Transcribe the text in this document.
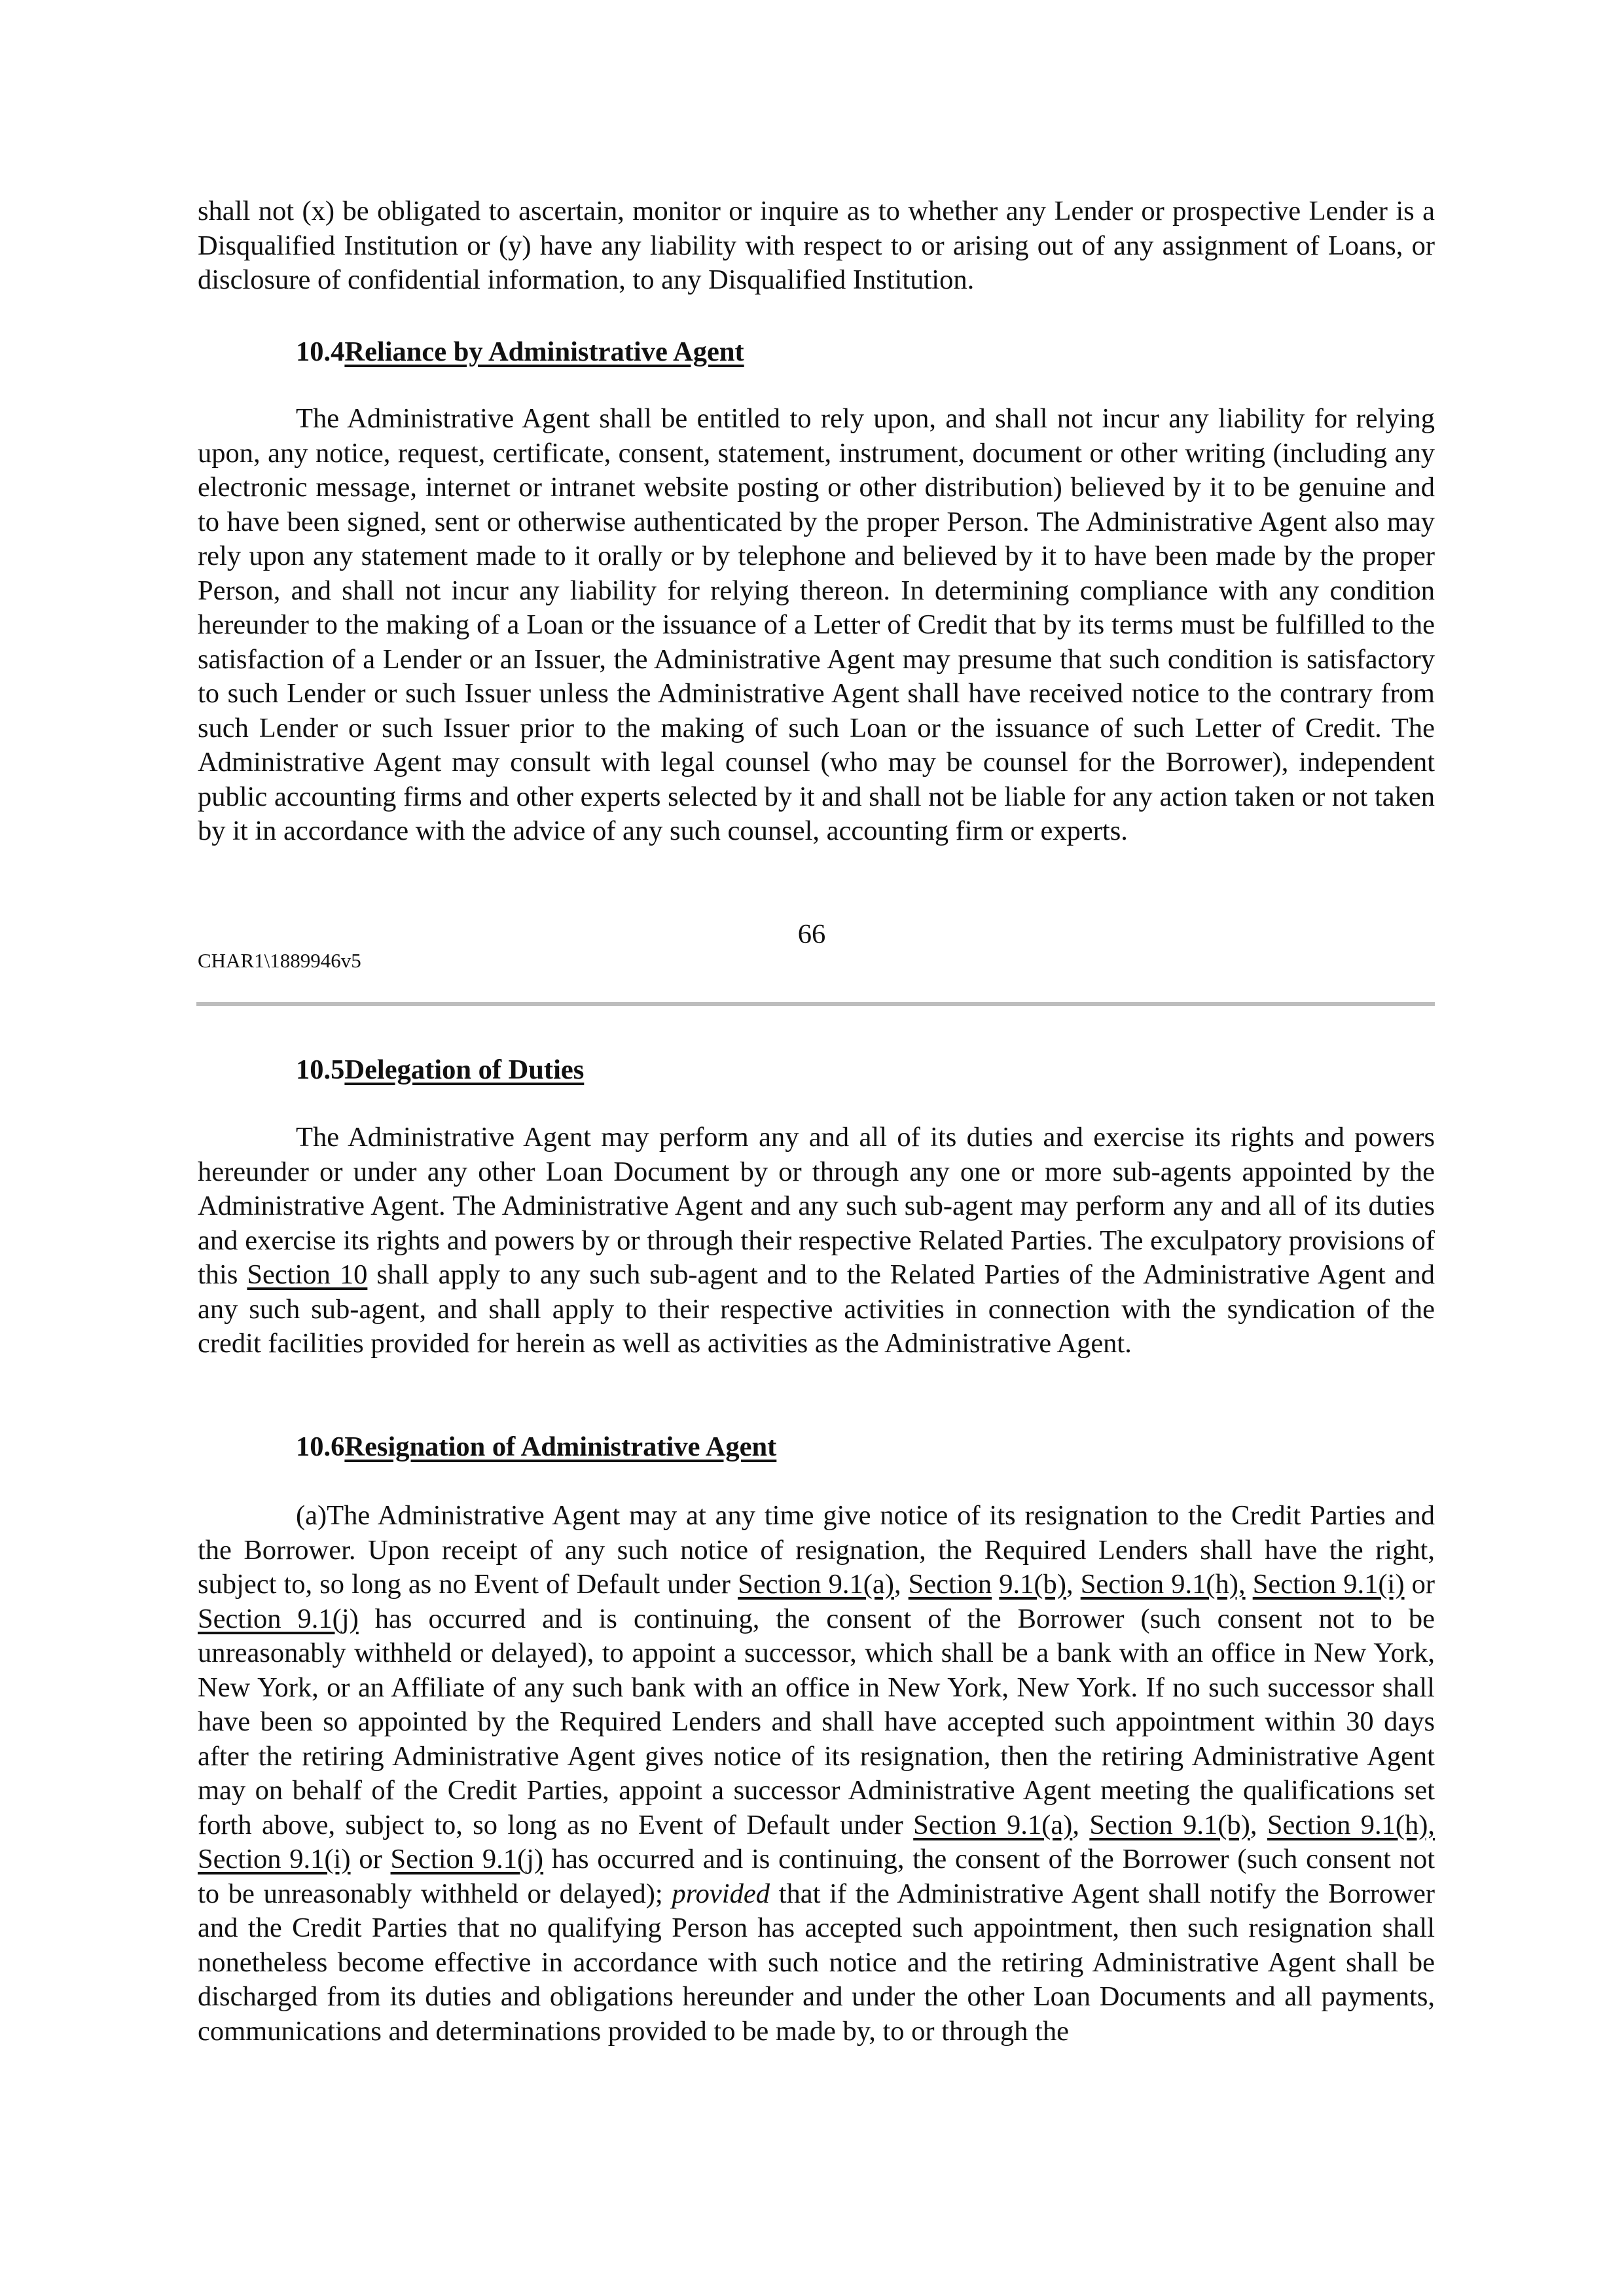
shall not (x) be obligated to ascertain, monitor or inquire as to whether any Lender or prospective Lender is a Disqualified Institution or (y) have any liability with respect to or arising out of any assignment of Loans, or disclosure of confidential information, to any Disqualified Institution.

10.4Reliance by Administrative Agent

The Administrative Agent shall be entitled to rely upon, and shall not incur any liability for relying upon, any notice, request, certificate, consent, statement, instrument, document or other writing (including any electronic message, internet or intranet website posting or other distribution) believed by it to be genuine and to have been signed, sent or otherwise authenticated by the proper Person. The Administrative Agent also may rely upon any statement made to it orally or by telephone and believed by it to have been made by the proper Person, and shall not incur any liability for relying thereon. In determining compliance with any condition hereunder to the making of a Loan or the issuance of a Letter of Credit that by its terms must be fulfilled to the satisfaction of a Lender or an Issuer, the Administrative Agent may presume that such condition is satisfactory to such Lender or such Issuer unless the Administrative Agent shall have received notice to the contrary from such Lender or such Issuer prior to the making of such Loan or the issuance of such Letter of Credit. The Administrative Agent may consult with legal counsel (who may be counsel for the Borrower), independent public accounting firms and other experts selected by it and shall not be liable for any action taken or not taken by it in accordance with the advice of any such counsel, accounting firm or experts.

66
CHAR1\1889946v5

10.5Delegation of Duties

The Administrative Agent may perform any and all of its duties and exercise its rights and powers hereunder or under any other Loan Document by or through any one or more sub-agents appointed by the Administrative Agent. The Administrative Agent and any such sub-agent may perform any and all of its duties and exercise its rights and powers by or through their respective Related Parties. The exculpatory provisions of this Section 10 shall apply to any such sub-agent and to the Related Parties of the Administrative Agent and any such sub-agent, and shall apply to their respective activities in connection with the syndication of the credit facilities provided for herein as well as activities as the Administrative Agent.

10.6Resignation of Administrative Agent

(a)The Administrative Agent may at any time give notice of its resignation to the Credit Parties and the Borrower. Upon receipt of any such notice of resignation, the Required Lenders shall have the right, subject to, so long as no Event of Default under Section 9.1(a), Section 9.1(b), Section 9.1(h), Section 9.1(i) or Section 9.1(j) has occurred and is continuing, the consent of the Borrower (such consent not to be unreasonably withheld or delayed), to appoint a successor, which shall be a bank with an office in New York, New York, or an Affiliate of any such bank with an office in New York, New York. If no such successor shall have been so appointed by the Required Lenders and shall have accepted such appointment within 30 days after the retiring Administrative Agent gives notice of its resignation, then the retiring Administrative Agent may on behalf of the Credit Parties, appoint a successor Administrative Agent meeting the qualifications set forth above, subject to, so long as no Event of Default under Section 9.1(a), Section 9.1(b), Section 9.1(h), Section 9.1(i) or Section 9.1(j) has occurred and is continuing, the consent of the Borrower (such consent not to be unreasonably withheld or delayed); provided that if the Administrative Agent shall notify the Borrower and the Credit Parties that no qualifying Person has accepted such appointment, then such resignation shall nonetheless become effective in accordance with such notice and the retiring Administrative Agent shall be discharged from its duties and obligations hereunder and under the other Loan Documents and all payments, communications and determinations provided to be made by, to or through the
